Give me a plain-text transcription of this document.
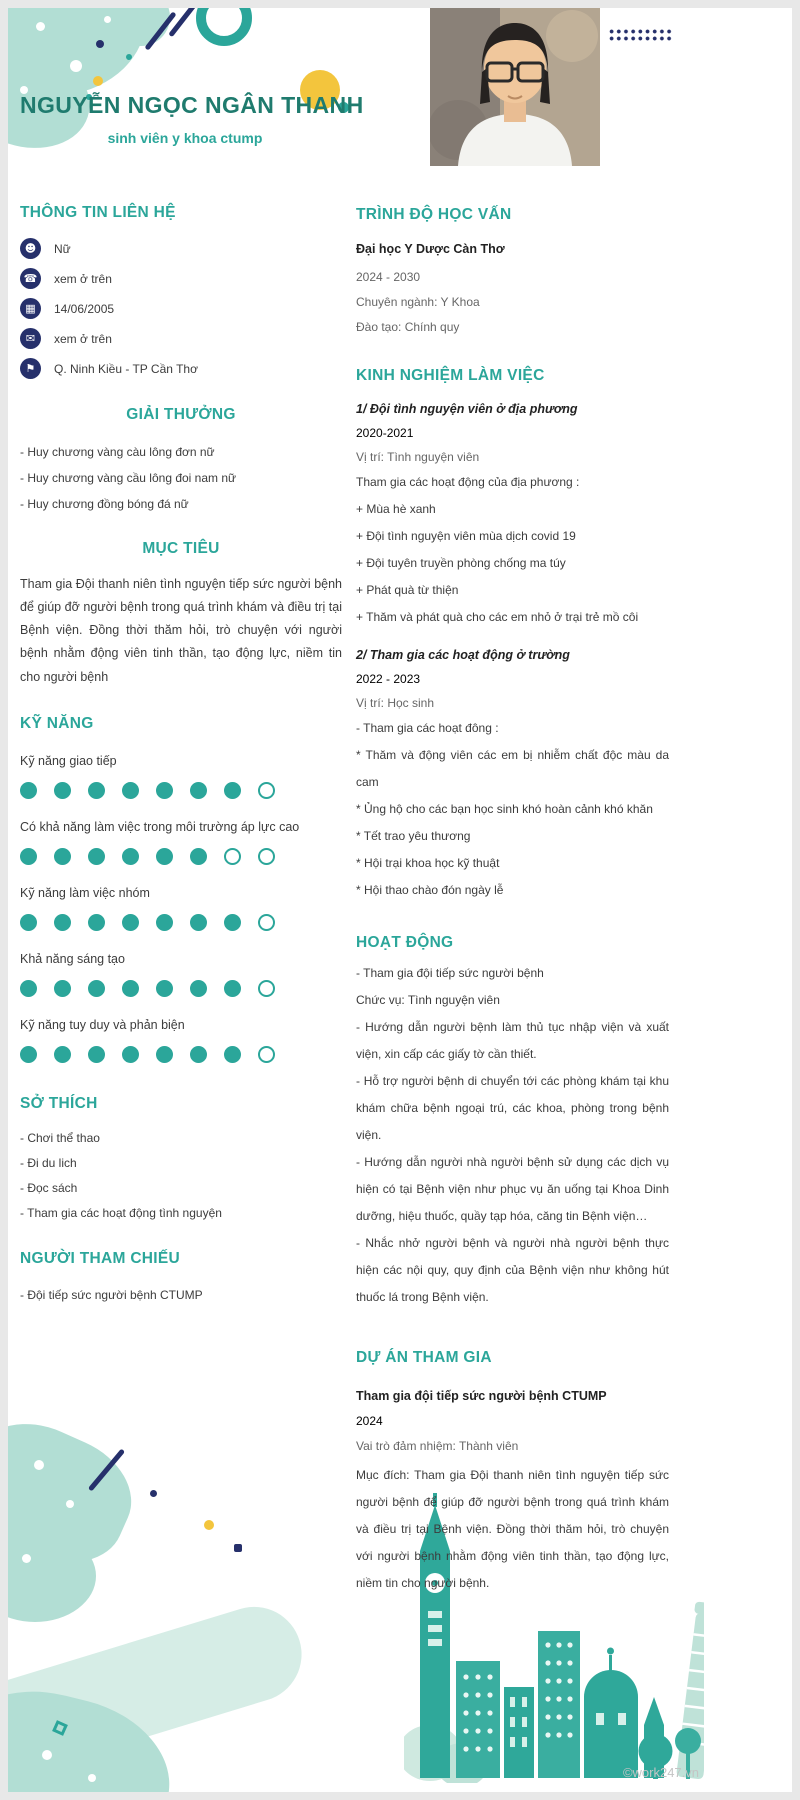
NGUYỄN NGỌC NGÂN THANH
sinh viên y khoa ctump
THÔNG TIN LIÊN HỆ
☻ Nữ
☎ xem ở trên
▦ 14/06/2005
✉ xem ở trên
⚑ Q. Ninh Kiều - TP Cần Thơ
GIẢI THƯỞNG
- Huy chương vàng càu lông đơn nữ
- Huy chương vàng cầu lông đoi nam nữ
- Huy chương đồng bóng đá nữ
MỤC TIÊU

Tham gia Đội thanh niên tình nguyện tiếp sức người bệnh để giúp đỡ người bệnh trong quá trình khám và điều trị tại Bệnh viện. Đồng thời thăm hỏi, trò chuyện với người bệnh nhằm động viên tinh thần, tạo động lực, niềm tin cho người bệnh

KỸ NĂNG
Kỹ năng giao tiếp
Có khả năng làm việc trong môi trường áp lực cao
Kỹ năng làm việc nhóm
Khả năng sáng tạo
Kỹ năng tuy duy và phản biện
SỞ THÍCH
- Chơi thể thao
- Đi du lich
- Đọc sách
- Tham gia các hoạt động tình nguyện
NGƯỜI THAM CHIẾU
- Đội tiếp sức người bệnh CTUMP
TRÌNH ĐỘ HỌC VẤN
Đại học Y Dược Càn Thơ
2024 - 2030
Chuyên ngành: Y Khoa
Đào tạo: Chính quy
KINH NGHIỆM LÀM VIỆC
1/ Đội tình nguyện viên ở địa phương
2020-2021
Vị trí: Tình nguyện viên
Tham gia các hoạt động của địa phương :
+ Mùa hè xanh
+ Đội tình nguyện viên mùa dịch covid 19
+ Đội tuyên truyền phòng chống ma túy
+ Phát quà từ thiện
+ Thăm và phát quà cho các em nhỏ ở trại trẻ mồ côi
2/ Tham gia các hoạt động ở trường
2022 - 2023
Vị trí: Học sinh
- Tham gia các hoạt đông :
* Thăm và động viên các em bị nhiễm chất độc màu da cam
* Ủng hộ cho các bạn học sinh khó hoàn cảnh khó khăn
* Tết trao yêu thương
* Hội trại khoa học kỹ thuật
* Hội thao chào đón ngày lễ
HOẠT ĐỘNG
- Tham gia đội tiếp sức người bệnh
Chức vụ: Tình nguyện viên
- Hướng dẫn người bệnh làm thủ tục nhập viện và xuất viện, xin cấp các giấy tờ cần thiết.
- Hỗ trợ người bệnh di chuyển tới các phòng khám tại khu khám chữa bệnh ngoại trú, các khoa, phòng trong bệnh viện.
- Hướng dẫn người nhà người bệnh sử dụng các dịch vụ hiện có tại Bệnh viện như phục vụ ăn uống tại Khoa Dinh dưỡng, hiệu thuốc, quầy tạp hóa, căng tin Bệnh viện…
- Nhắc nhở người bệnh và người nhà người bệnh thực hiện các nội quy, quy định của Bệnh viện như không hút thuốc lá trong Bệnh viện.
DỰ ÁN THAM GIA
Tham gia đội tiếp sức người bệnh CTUMP
2024
Vai trò đảm nhiệm: Thành viên
Mục đích: Tham gia Đội thanh niên tình nguyện tiếp sức người bệnh để giúp đỡ người bệnh trong quá trình khám và điều trị tại Bệnh viện. Đồng thời thăm hỏi, trò chuyện với người bệnh nhằm động viên tinh thần, tạo động lực, niềm tin cho người bệnh.
©work247.vn
